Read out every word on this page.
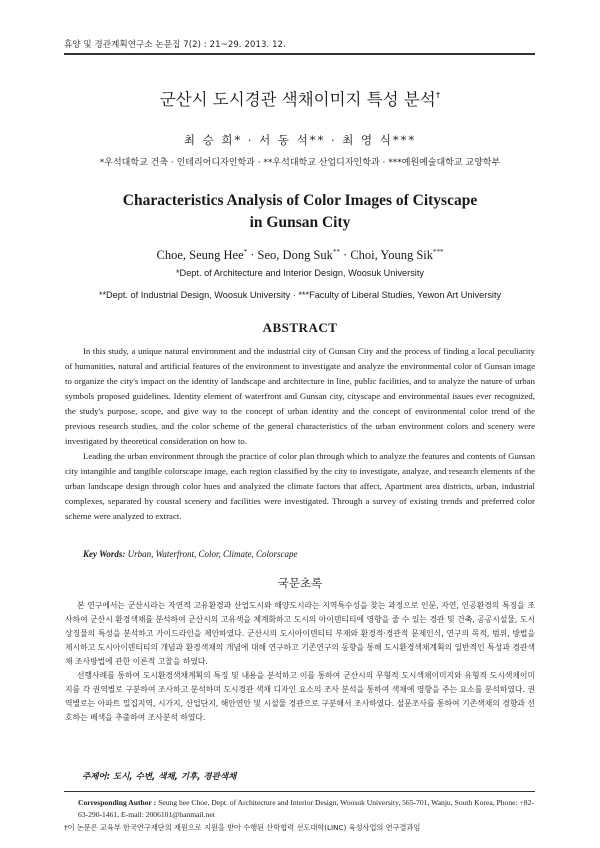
휴양 및 경관계획연구소 논문집 7(2) : 21~29. 2013. 12.
군산시 도시경관 색채이미지 특성 분석†
최 승 희* · 서 동 석** · 최 영 식***
*우석대학교 건축 · 인테리어디자인학과 · **우석대학교 산업디자인학과 · ***예원예술대학교 교양학부
Characteristics Analysis of Color Images of Cityscape
in Gunsan City
Choe, Seung Hee* · Seo, Dong Suk** · Choi, Young Sik***
*Dept. of Architecture and Interior Design, Woosuk University
**Dept. of Industrial Design, Woosuk University · ***Faculty of Liberal Studies, Yewon Art University
ABSTRACT

In this study, a unique natural environment and the industrial city of Gunsan City and the process of finding a local peculiarity of humanities, natural and artificial features of the environment to investigate and analyze the environmental color of Gunsan image to organize the city's impact on the identity of landscape and architecture in line, public facilities, and to analyze the nature of urban symbols proposed guidelines. Identity element of waterfront and Gunsan city, cityscape and environmental issues ever recognized, the study's purpose, scope, and give way to the concept of urban identity and the concept of environmental color trend of the previous research studies, and the color scheme of the general characteristics of the urban environment colors and scenery were investigated by theoretical consideration on how to.

Leading the urban environment through the practice of color plan through which to analyze the features and contents of Gunsan city intangible and tangible colorscape image, each region classified by the city to investigate, analyze, and research elements of the urban landscape design through color hues and analyzed the climate factors that affect, Apartment area districts, urban, industrial complexes, separated by coustal scenery and facilities were investigated. Through a survey of existing trends and preferred color scheme were analyzed to extract.

Key Words: Urban, Waterfront, Color, Climate, Colorscape
국문초록

본 연구에서는 군산시라는 자연적 고유환경과 산업도시와 해양도시라는 지역특수성을 찾는 과정으로 인문, 자연, 인공환경의 특징을 조사하여 군산시 환경색채를 분석하여 군산시의 고유색을 체계화하고 도시의 아이덴티티에 영향을 줄 수 있는 경관 및 건축, 공공시설물, 도시상징물의 특성을 분석하고 가이드라인을 제안하였다. 군산시의 도시아이덴티티 부재와 환경적·경관적 문제인식, 연구의 목적, 범위, 방법을 제시하고 도시아이덴티티의 개념과 환경색채의 개념에 대해 연구하고 기존연구의 동향을 통해 도시환경색채계획의 일반적인 특성과 경관색채 조사방법에 관한 이론적 고찰을 하였다.

선행사례를 통하여 도시환경색채계획의 특징 및 내용을 분석하고 이를 통하여 군산시의 무형적 도시색채이미지와 유형적 도시색채이미지를 각 권역별로 구분하여 조사하고 분석하며 도시경관 색채 디자인 요소의 조사 분석을 통하여 색채에 영향을 주는 요소를 분석하였다. 권역별로는 아파트 밀집지역, 시가지, 산업단지, 해안연안 및 시설물 경관으로 구분해서 조사하였다. 설문조사를 통하여 기존색채의 경향과 선호하는 배색을 추출하여 조사분석 하였다.

주제어: 도시, 수변, 색채, 기후, 경관색채
Corresponding Author : Seung hee Choe, Dept. of Architecture and Interior Design, Woosuk University, 565-701, Wanju, South Korea, Phone: +82-63-290-1461, E-mail: 2006101@hanmail.net
†이 논문은 교육부 한국연구재단의 재원으로 지원을 받아 수행된 산학협력 선도대학(LINC) 육성사업의 연구결과임
